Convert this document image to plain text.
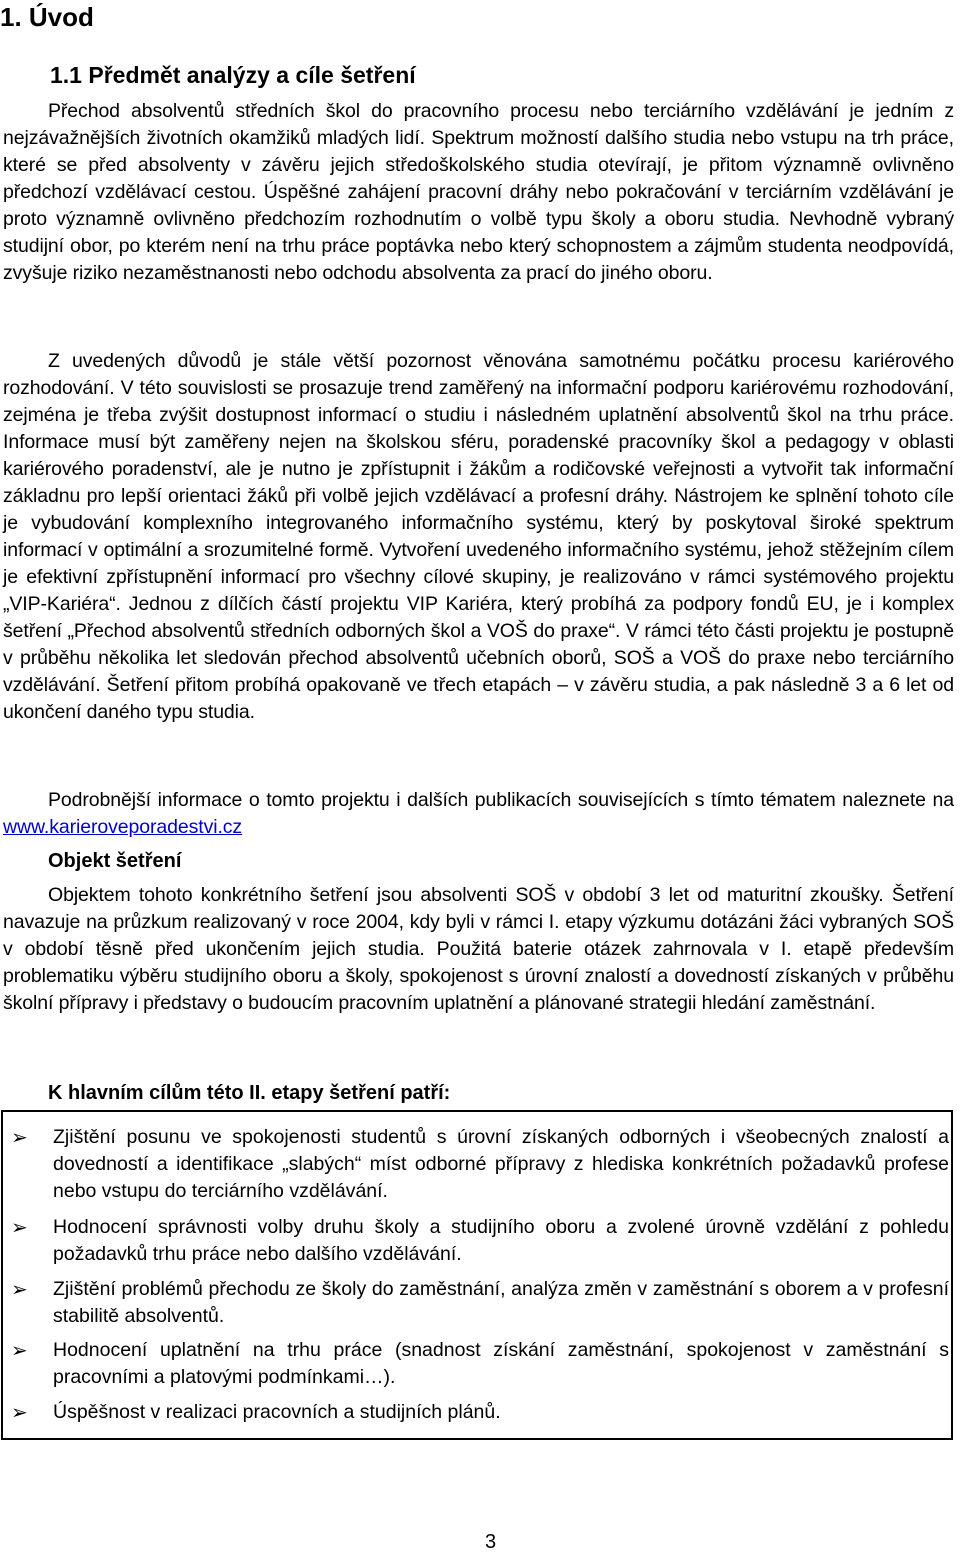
1. Úvod
1.1 Předmět analýzy a cíle šetření

Přechod absolventů středních škol do pracovního procesu nebo terciárního vzdělávání je jedním z nejzávažnějších životních okamžiků mladých lidí. Spektrum možností dalšího studia nebo vstupu na trh práce, které se před absolventy v závěru jejich středoškolského studia otevírají, je přitom významně ovlivněno předchozí vzdělávací cestou. Úspěšné zahájení pracovní dráhy nebo pokračování v terciárním vzdělávání je proto významně ovlivněno předchozím rozhodnutím o volbě typu školy a oboru studia. Nevhodně vybraný studijní obor, po kterém není na trhu práce poptávka nebo který schopnostem a zájmům studenta neodpovídá, zvyšuje riziko nezaměstnanosti nebo odchodu absolventa za prací do jiného oboru.

Z uvedených důvodů je stále větší pozornost věnována samotnému počátku procesu kariérového rozhodování. V této souvislosti se prosazuje trend zaměřený na informační podporu kariérovému rozhodování, zejména je třeba zvýšit dostupnost informací o studiu i následném uplatnění absolventů škol na trhu práce. Informace musí být zaměřeny nejen na školskou sféru, poradenské pracovníky škol a pedagogy v oblasti kariérového poradenství, ale je nutno je zpřístupnit i žákům a rodičovské veřejnosti a vytvořit tak informační základnu pro lepší orientaci žáků při volbě jejich vzdělávací a profesní dráhy. Nástrojem ke splnění tohoto cíle je vybudování komplexního integrovaného informačního systému, který by poskytoval široké spektrum informací v optimální a srozumitelné formě. Vytvoření uvedeného informačního systému, jehož stěžejním cílem je efektivní zpřístupnění informací pro všechny cílové skupiny, je realizováno v rámci systémového projektu „VIP-Kariéra“. Jednou z dílčích částí projektu VIP Kariéra, který probíhá za podpory fondů EU, je i komplex šetření „Přechod absolventů středních odborných škol a VOŠ do praxe“. V rámci této části projektu je postupně v průběhu několika let sledován přechod absolventů učebních oborů, SOŠ a VOŠ do praxe nebo terciárního vzdělávání. Šetření přitom probíhá opakovaně ve třech etapách – v závěru studia, a pak následně 3 a 6 let od ukončení daného typu studia.

Podrobnější informace o tomto projektu i dalších publikacích souvisejících s tímto tématem naleznete na www.karieroveporadestvi.cz

Objekt šetření

Objektem tohoto konkrétního šetření jsou absolventi SOŠ v období 3 let od maturitní zkoušky. Šetření navazuje na průzkum realizovaný v roce 2004, kdy byli v rámci I. etapy výzkumu dotázáni žáci vybraných SOŠ v období těsně před ukončením jejich studia. Použitá baterie otázek zahrnovala v I. etapě především problematiku výběru studijního oboru a školy, spokojenost s úrovní znalostí a dovedností získaných v průběhu školní přípravy i představy o budoucím pracovním uplatnění a plánované strategii hledání zaměstnání.

K hlavním cílům této II. etapy šetření patří:
➢	Zjištění posunu ve spokojenosti studentů s úrovní získaných odborných i všeobecných znalostí a dovedností a identifikace „slabých“ míst odborné přípravy z hlediska konkrétních požadavků profese nebo vstupu do terciárního vzdělávání.
➢	Hodnocení správnosti volby druhu školy a studijního oboru a zvolené úrovně vzdělání z pohledu požadavků trhu práce nebo dalšího vzdělávání.
➢	Zjištění problémů přechodu ze školy do zaměstnání, analýza změn v zaměstnání s oborem a v profesní stabilitě absolventů.
➢	Hodnocení uplatnění na trhu práce (snadnost získání zaměstnání, spokojenost v zaměstnání s pracovními a platovými podmínkami…).
➢	Úspěšnost v realizaci pracovních a studijních plánů.
3
